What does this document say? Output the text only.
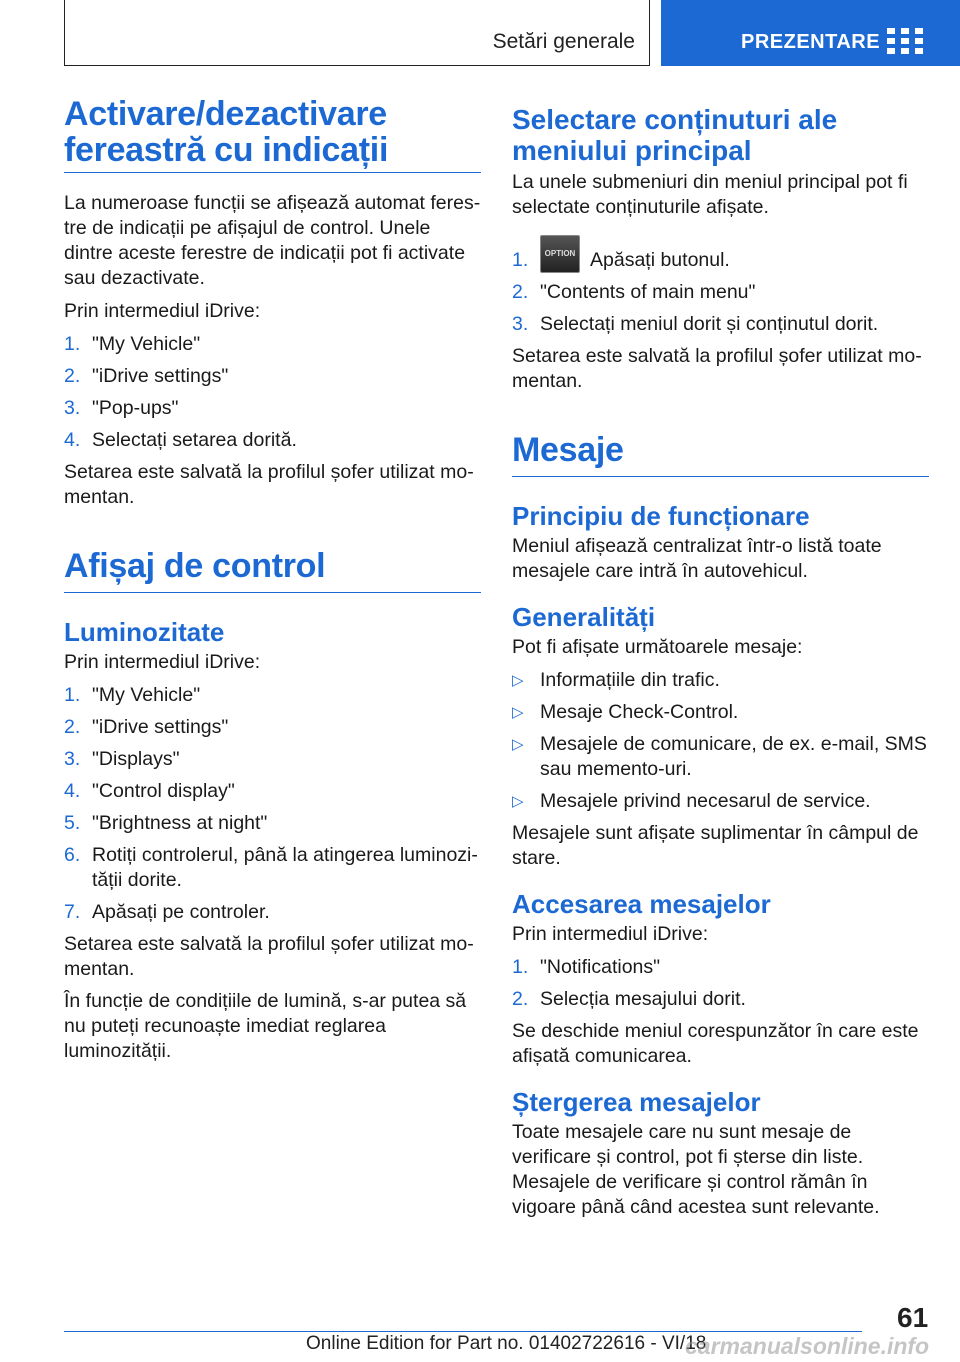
Setări generale	PREZENTARE
Activare/dezactivare fereastră cu indicații
La numeroase funcții se afișează automat ferestre de indicații pe afișajul de control. Unele dintre aceste ferestre de indicații pot fi activate sau dezactivate.
Prin intermediul iDrive:
1. "My Vehicle"
2. "iDrive settings"
3. "Pop-ups"
4. Selectați setarea dorită.
Setarea este salvată la profilul șofer utilizat momentan.
Afișaj de control
Luminozitate
Prin intermediul iDrive:
1. "My Vehicle"
2. "iDrive settings"
3. "Displays"
4. "Control display"
5. "Brightness at night"
6. Rotiți controlerul, până la atingerea luminozității dorite.
7. Apăsați pe controler.
Setarea este salvată la profilul șofer utilizat momentan.
În funcție de condițiile de lumină, s-ar putea să nu puteți recunoaște imediat reglarea luminozității.
Selectare conținuturi ale meniului principal
La unele submeniuri din meniul principal pot fi selectate conținuturile afișate.
1. OPTION Apăsați butonul.
2. "Contents of main menu"
3. Selectați meniul dorit și conținutul dorit.
Setarea este salvată la profilul șofer utilizat momentan.
Mesaje
Principiu de funcționare
Meniul afișează centralizat într-o listă toate mesajele care intră în autovehicul.
Generalități
Pot fi afișate următoarele mesaje:
▷ Informațiile din trafic.
▷ Mesaje Check-Control.
▷ Mesajele de comunicare, de ex. e-mail, SMS sau memento-uri.
▷ Mesajele privind necesarul de service.
Mesajele sunt afișate suplimentar în câmpul de stare.
Accesarea mesajelor
Prin intermediul iDrive:
1. "Notifications"
2. Selecția mesajului dorit.
Se deschide meniul corespunzător în care este afișată comunicarea.
Ștergerea mesajelor
Toate mesajele care nu sunt mesaje de verificare și control, pot fi șterse din liste. Mesajele de verificare și control rămân în vigoare până când acestea sunt relevante.
61
Online Edition for Part no. 01402722616 - VI/18
carmanualsonline.info
